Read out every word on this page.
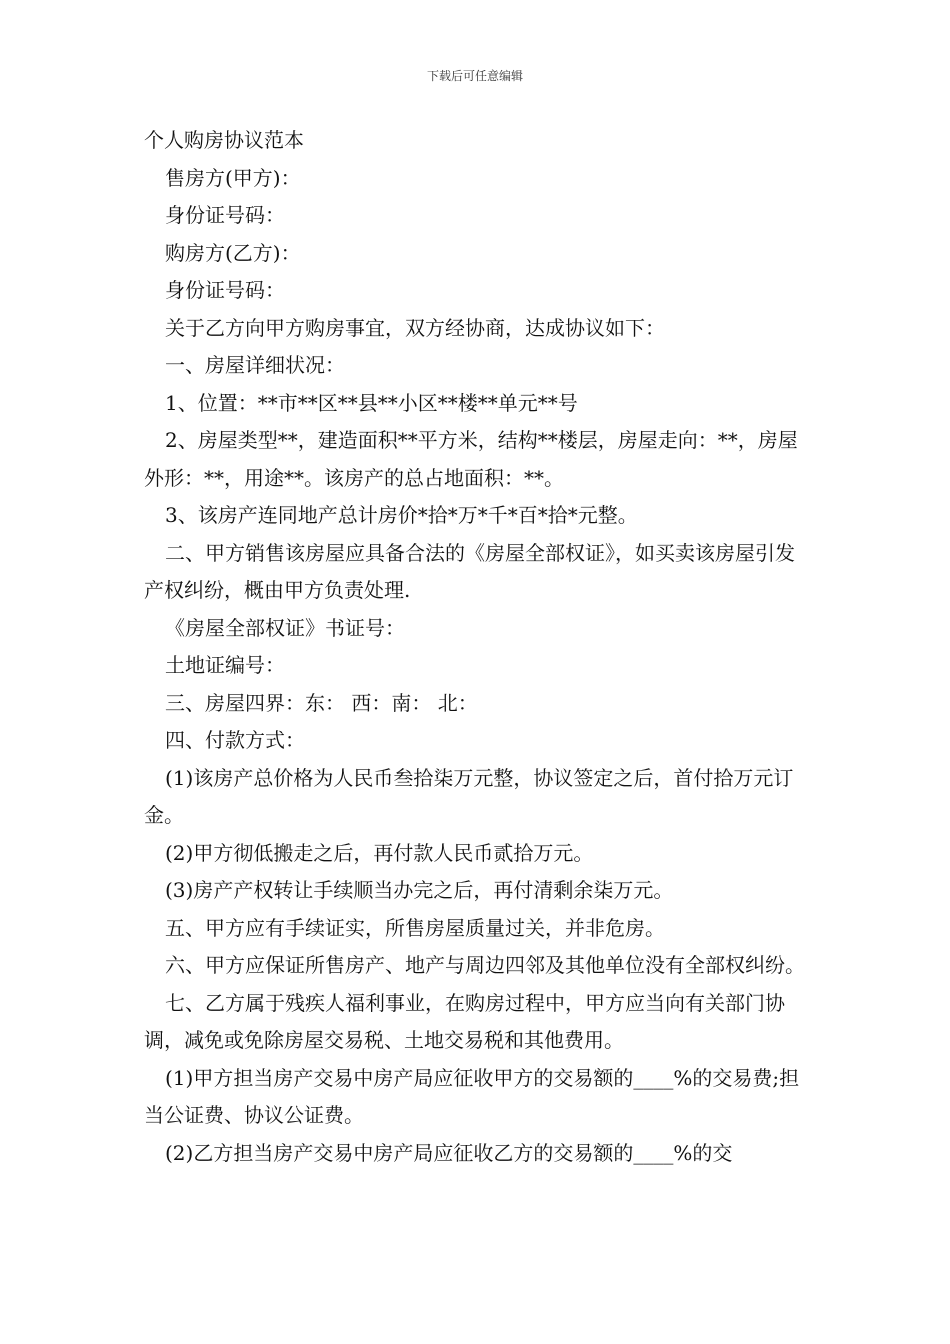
下载后可任意编辑

个人购房协议范本

售房方(甲方)：

身份证号码：

购房方(乙方)：

身份证号码：

关于乙方向甲方购房事宜，双方经协商，达成协议如下：

一、房屋详细状况：

1、位置：**市**区**县**小区**楼**单元**号

2、房屋类型**，建造面积**平方米，结构**楼层，房屋走向：**，房屋外形：**，用途**。该房产的总占地面积：**。

3、该房产连同地产总计房价*拾*万*千*百*拾*元整。

二、甲方销售该房屋应具备合法的《房屋全部权证》，如买卖该房屋引发产权纠纷，概由甲方负责处理.

《房屋全部权证》书证号：

土地证编号：

三、房屋四界：东： 西：南： 北：

四、付款方式：

(1)该房产总价格为人民币叁拾柒万元整，协议签定之后，首付拾万元订金。

(2)甲方彻低搬走之后，再付款人民币贰拾万元。

(3)房产产权转让手续顺当办完之后，再付清剩余柒万元。

五、甲方应有手续证实，所售房屋质量过关，并非危房。

六、甲方应保证所售房产、地产与周边四邻及其他单位没有全部权纠纷。

七、乙方属于残疾人福利事业，在购房过程中，甲方应当向有关部门协调，减免或免除房屋交易税、土地交易税和其他费用。

(1)甲方担当房产交易中房产局应征收甲方的交易额的____%的交易费;担当公证费、协议公证费。

(2)乙方担当房产交易中房产局应征收乙方的交易额的____%的交
